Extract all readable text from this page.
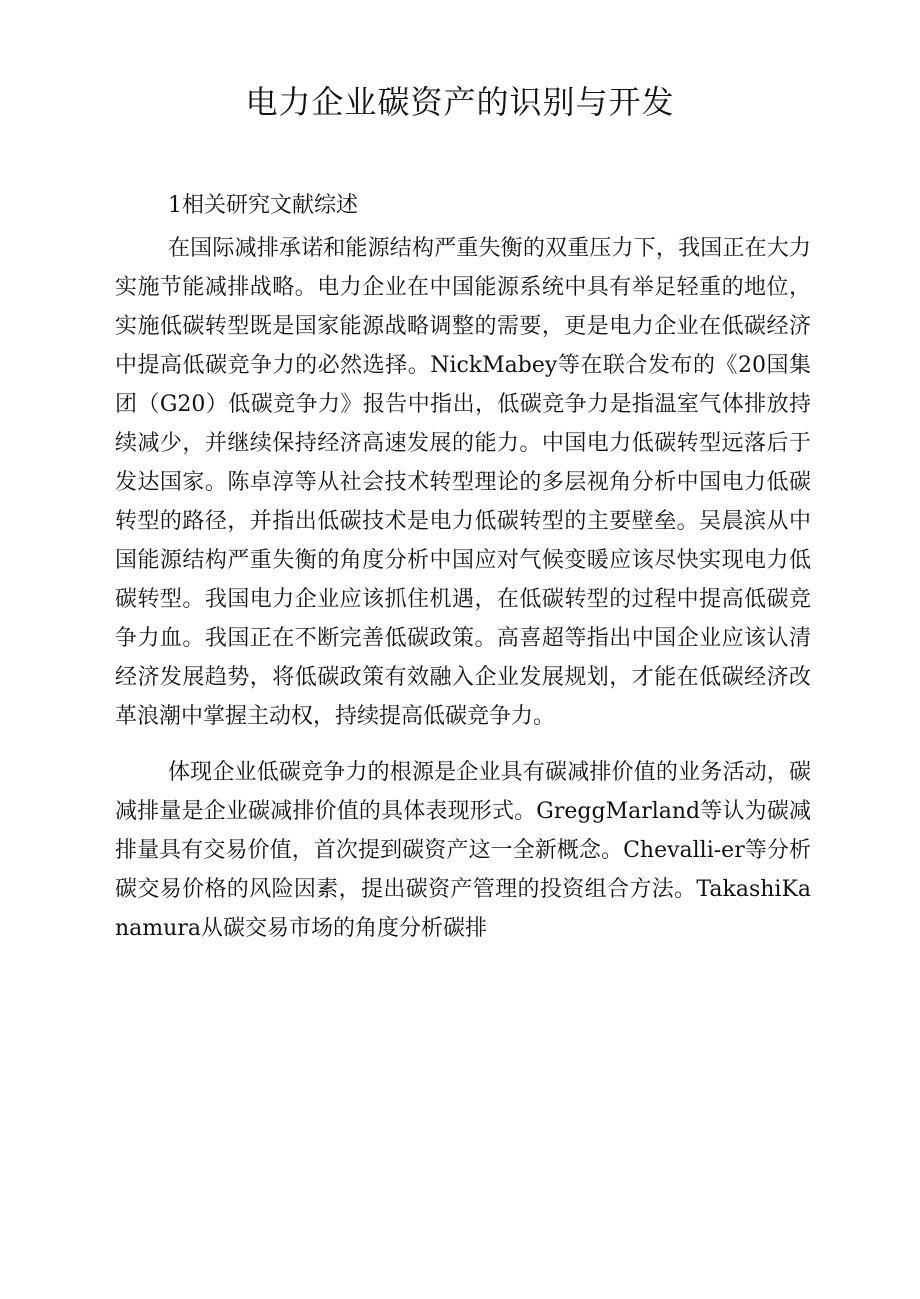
电力企业碳资产的识别与开发
1相关研究文献综述

在国际减排承诺和能源结构严重失衡的双重压力下，我国正在大力实施节能减排战略。电力企业在中国能源系统中具有举足轻重的地位，实施低碳转型既是国家能源战略调整的需要，更是电力企业在低碳经济中提高低碳竞争力的必然选择。NickMabey等在联合发布的《20国集团（G20）低碳竞争力》报告中指出，低碳竞争力是指温室气体排放持续减少，并继续保持经济高速发展的能力。中国电力低碳转型远落后于发达国家。陈卓淳等从社会技术转型理论的多层视角分析中国电力低碳转型的路径，并指出低碳技术是电力低碳转型的主要壁垒。吴晨滨从中国能源结构严重失衡的角度分析中国应对气候变暖应该尽快实现电力低碳转型。我国电力企业应该抓住机遇，在低碳转型的过程中提高低碳竞争力血。我国正在不断完善低碳政策。高喜超等指出中国企业应该认清经济发展趋势，将低碳政策有效融入企业发展规划，才能在低碳经济改革浪潮中掌握主动权，持续提高低碳竞争力。

体现企业低碳竞争力的根源是企业具有碳减排价值的业务活动，碳减排量是企业碳减排价值的具体表现形式。GreggMarland等认为碳减排量具有交易价值，首次提到碳资产这一全新概念。Chevalli-er等分析碳交易价格的风险因素，提出碳资产管理的投资组合方法。TakashiKanamura从碳交易市场的角度分析碳排
